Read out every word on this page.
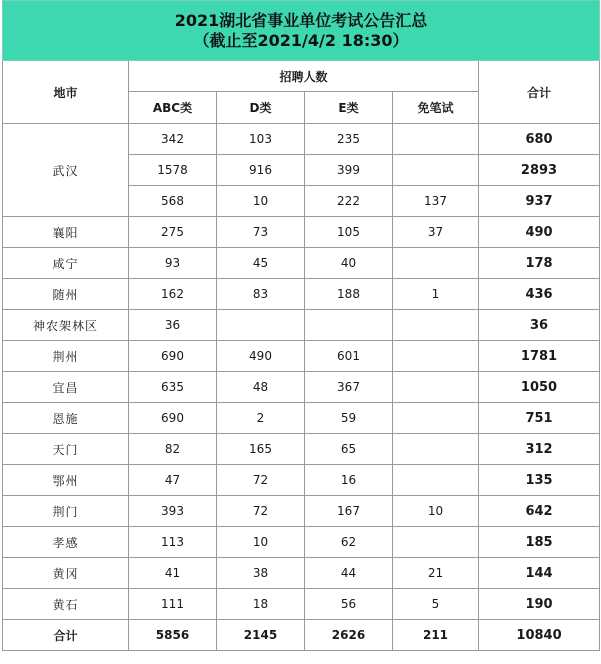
2021湖北省事业单位考试公告汇总
（截止至2021/4/2 18:30）					

地市	招聘人数				合计
	ABC类	D类	E类	免笔试	
武汉	342	103	235		680
	1578	916	399		2893
	568	10	222	137	937
襄阳	275	73	105	37	490
咸宁	93	45	40		178
随州	162	83	188	1	436
神农架林区	36				36
荆州	690	490	601		1781
宜昌	635	48	367		1050
恩施	690	2	59		751
天门	82	165	65		312
鄂州	47	72	16		135
荆门	393	72	167	10	642
孝感	113	10	62		185
黄冈	41	38	44	21	144
黄石	111	18	56	5	190
合计	5856	2145	2626	211	10840
